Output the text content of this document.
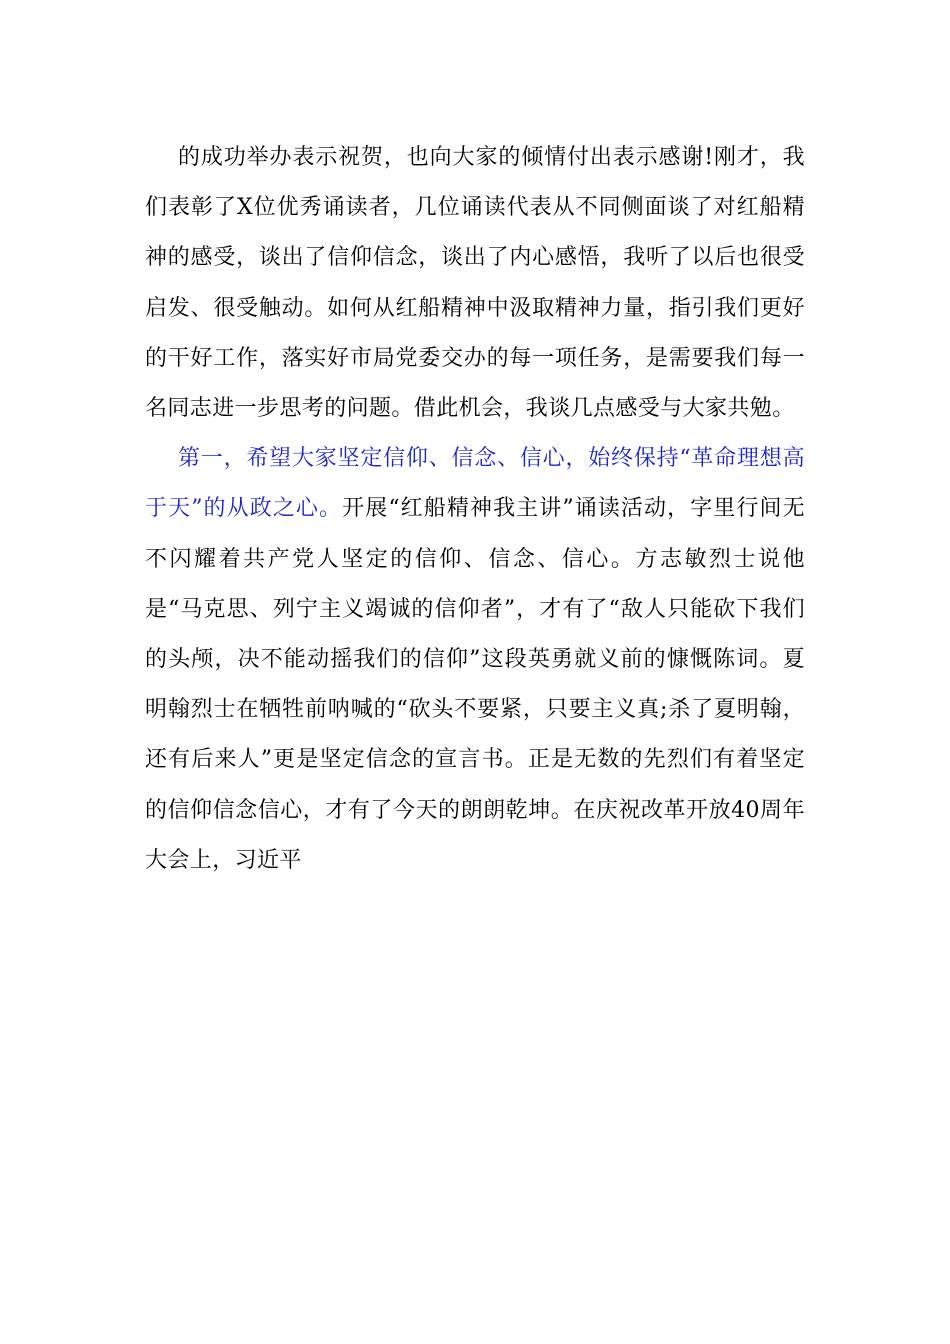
的成功举办表示祝贺，也向大家的倾情付出表示感谢!刚才，我们表彰了X位优秀诵读者，几位诵读代表从不同侧面谈了对红船精神的感受，谈出了信仰信念，谈出了内心感悟，我听了以后也很受启发、很受触动。如何从红船精神中汲取精神力量，指引我们更好的干好工作，落实好市局党委交办的每一项任务，是需要我们每一名同志进一步思考的问题。借此机会，我谈几点感受与大家共勉。

第一，希望大家坚定信仰、信念、信心，始终保持“革命理想高于天”的从政之心。开展“红船精神我主讲”诵读活动，字里行间无不闪耀着共产党人坚定的信仰、信念、信心。方志敏烈士说他是“马克思、列宁主义竭诚的信仰者”，才有了“敌人只能砍下我们的头颅，决不能动摇我们的信仰”这段英勇就义前的慷慨陈词。夏明翰烈士在牺牲前呐喊的“砍头不要紧，只要主义真;杀了夏明翰，还有后来人”更是坚定信念的宣言书。正是无数的先烈们有着坚定的信仰信念信心，才有了今天的朗朗乾坤。在庆祝改革开放40周年大会上，习近平
